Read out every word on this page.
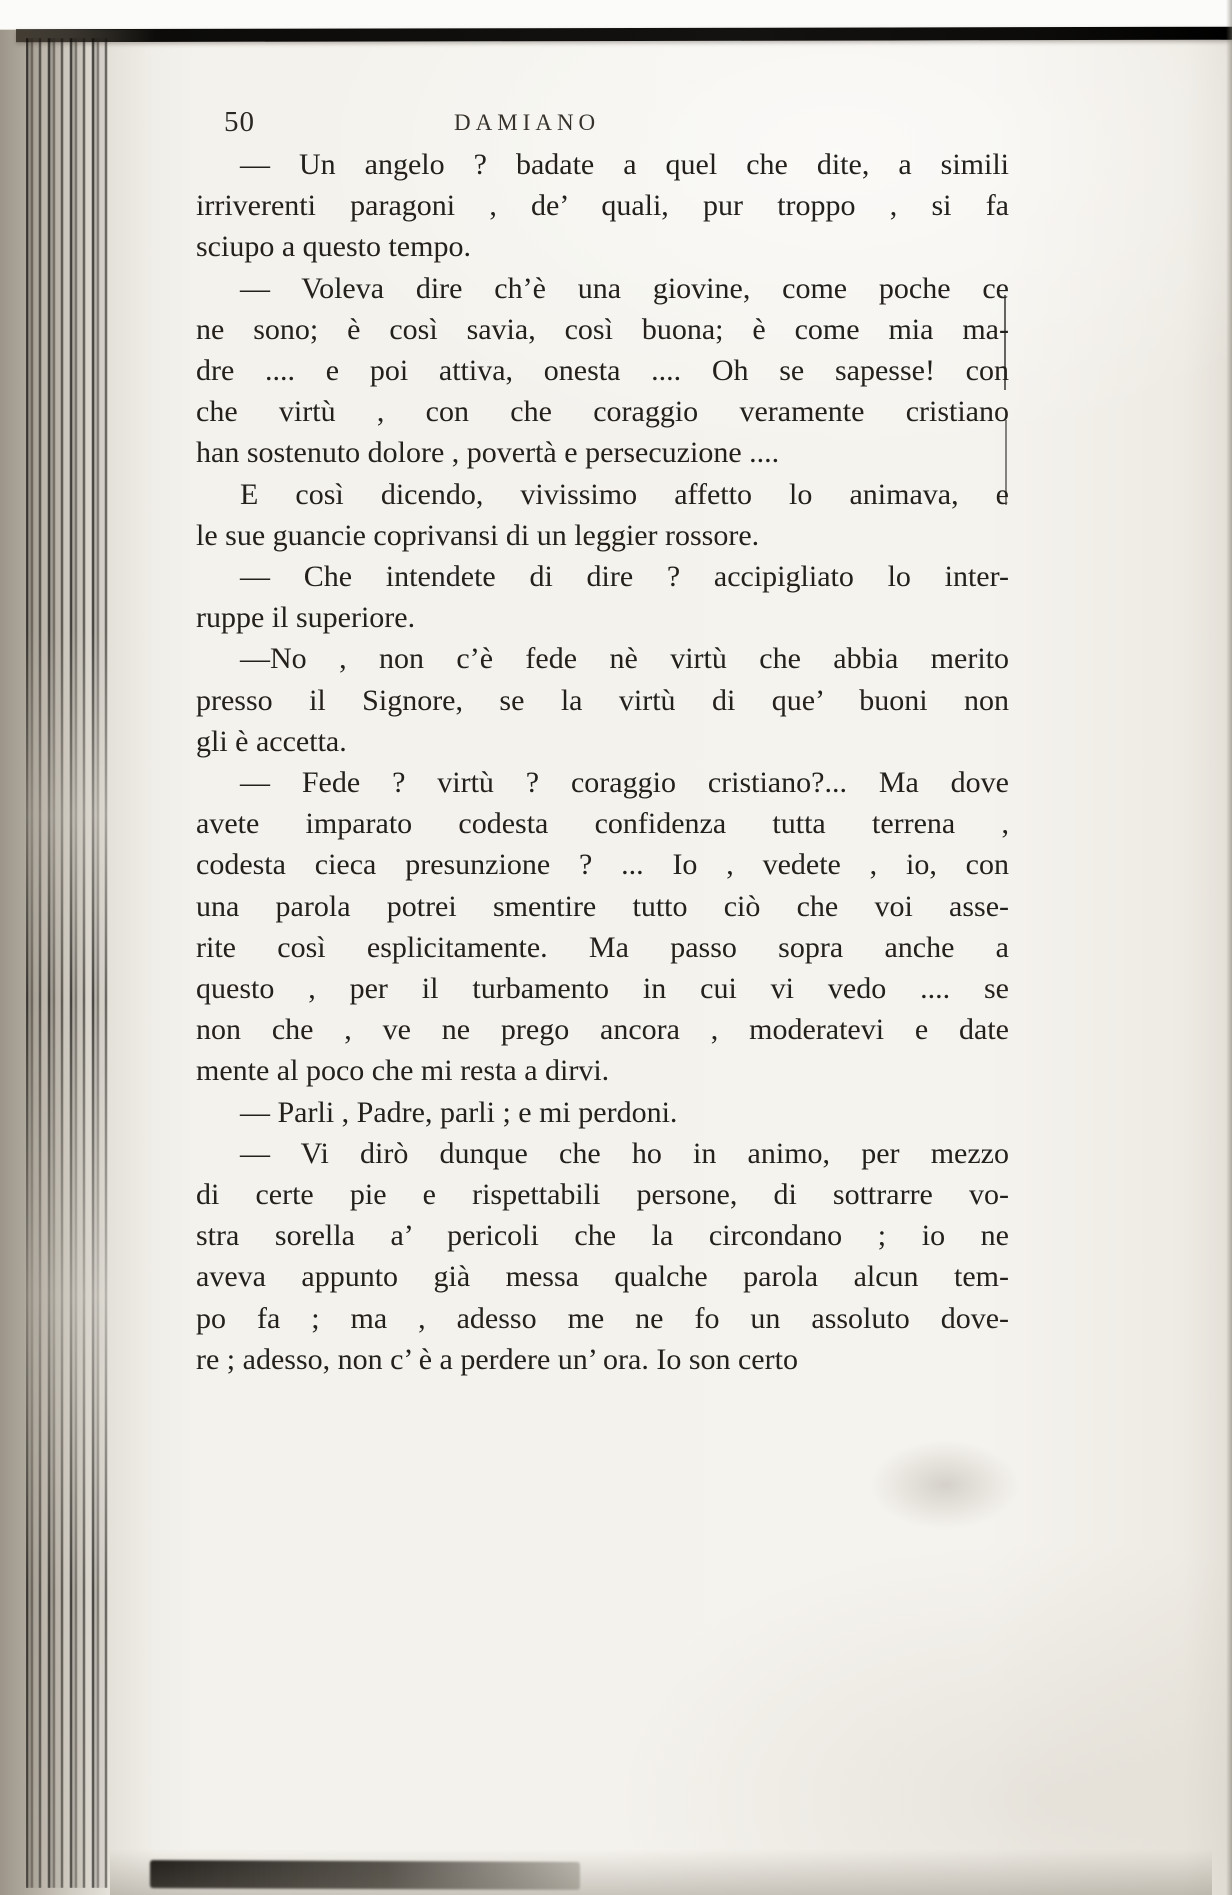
50	DAMIANO
— Un angelo ? badate a quel che dite, a simili
irriverenti paragoni , de’ quali, pur troppo , si fa
sciupo a questo tempo.
— Voleva dire ch’è una giovine, come poche ce
ne sono; è così savia, così buona; è come mia ma-
dre .... e poi attiva, onesta .... Oh se sapesse! con
che virtù , con che coraggio veramente cristiano
han sostenuto dolore , povertà e persecuzione ....
E così dicendo, vivissimo affetto lo animava, e
le sue guancie coprivansi di un leggier rossore.
— Che intendete di dire ? accipigliato lo inter-
ruppe il superiore.
—No , non c’è fede nè virtù che abbia merito
presso il Signore, se la virtù di que’ buoni non
gli è accetta.
— Fede ? virtù ? coraggio cristiano?... Ma dove
avete imparato codesta confidenza tutta terrena ,
codesta cieca presunzione ? ... Io , vedete , io, con
una parola potrei smentire tutto ciò che voi asse-
rite così esplicitamente. Ma passo sopra anche a
questo , per il turbamento in cui vi vedo .... se
non che , ve ne prego ancora , moderatevi e date
mente al poco che mi resta a dirvi.
— Parli , Padre, parli ; e mi perdoni.
— Vi dirò dunque che ho in animo, per mezzo
di certe pie e rispettabili persone, di sottrarre vo-
stra sorella a’ pericoli che la circondano ; io ne
aveva appunto già messa qualche parola alcun tem-
po fa ; ma , adesso me ne fo un assoluto dove-
re ; adesso, non c’ è a perdere un’ ora. Io son certo
